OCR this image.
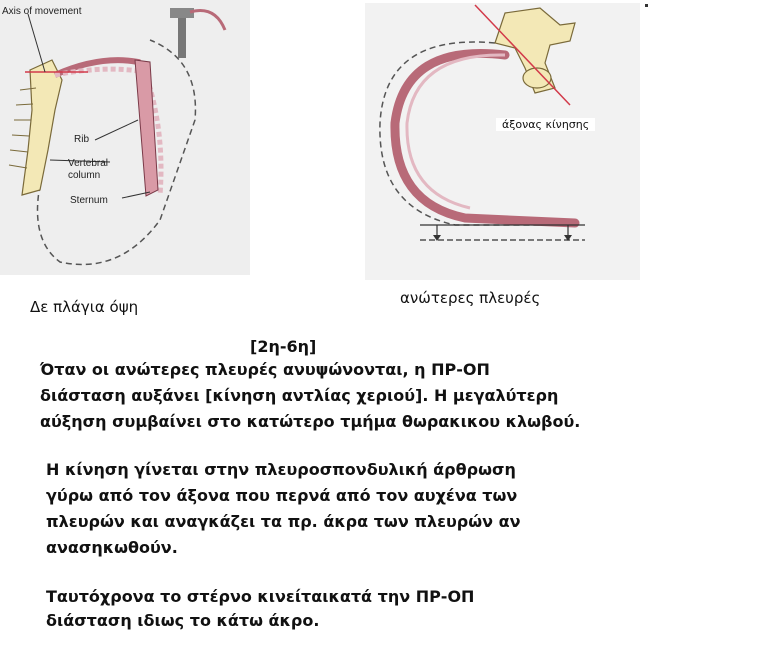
Axis of movement
Rib
Vertebral
column
Sternum
άξονας κίνησης
Δε πλάγια όψη	ανώτερες πλευρές
[2η-6η]
Όταν οι ανώτερες πλευρές ανυψώνονται, η ΠΡ-ΟΠ
διάσταση αυξάνει [κίνηση αντλίας χεριού]. Η μεγαλύτερη
αύξηση συμβαίνει στο κατώτερο τμήμα θωρακικου κλωβού.
Η κίνηση γίνεται στην πλευροσπονδυλική άρθρωση
γύρω από τον άξονα που περνά από τον αυχένα των
πλευρών και αναγκάζει τα πρ. άκρα των πλευρών αν
ανασηκωθούν.
Ταυτόχρονα το στέρνο κινείταικατά την ΠΡ-ΟΠ
διάσταση ιδιως το κάτω άκρο.
